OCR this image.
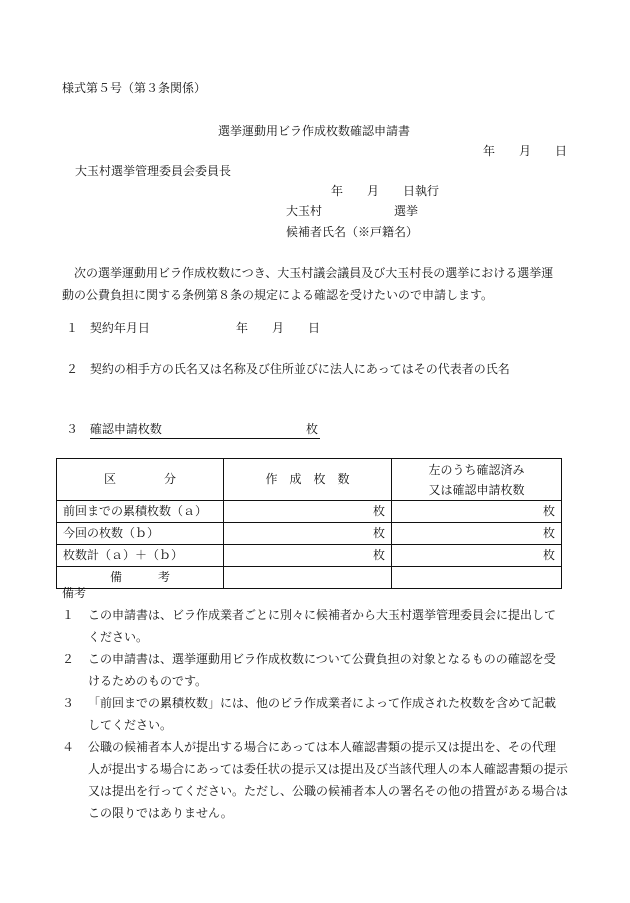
様式第５号（第３条関係）
選挙運動用ビラ作成枚数確認申請書
年　　月　　日
大玉村選挙管理委員会委員長
年　　月　　日執行
大玉村　　　　　　選挙
候補者氏名（※戸籍名）

次の選挙運動用ビラ作成枚数につき、大玉村議会議員及び大玉村長の選挙における選挙運

動の公費負担に関する条例第８条の規定による確認を受けたいので申請します。

１ 契約年月日	年　　月　　日
２ 契約の相手方の氏名又は名称及び住所並びに法人にあってはその代表者の氏名
３ 確認申請枚数	枚
区　　　　分	作　成　枚　数	左のうち確認済み
又は確認申請枚数

前回までの累積枚数（ａ）	枚	枚
今回の枚数（ｂ）	枚	枚
枚数計（ａ）＋（ｂ）	枚	枚
備　　　考		
備考
１ この申請書は、ビラ作成業者ごとに別々に候補者から大玉村選挙管理委員会に提出して
ください。
２ この申請書は、選挙運動用ビラ作成枚数について公費負担の対象となるものの確認を受
けるためのものです。
３ 「前回までの累積枚数」には、他のビラ作成業者によって作成された枚数を含めて記載
してください。
４ 公職の候補者本人が提出する場合にあっては本人確認書類の提示又は提出を、その代理
人が提出する場合にあっては委任状の提示又は提出及び当該代理人の本人確認書類の提示
又は提出を行ってください。ただし、公職の候補者本人の署名その他の措置がある場合は
この限りではありません。
